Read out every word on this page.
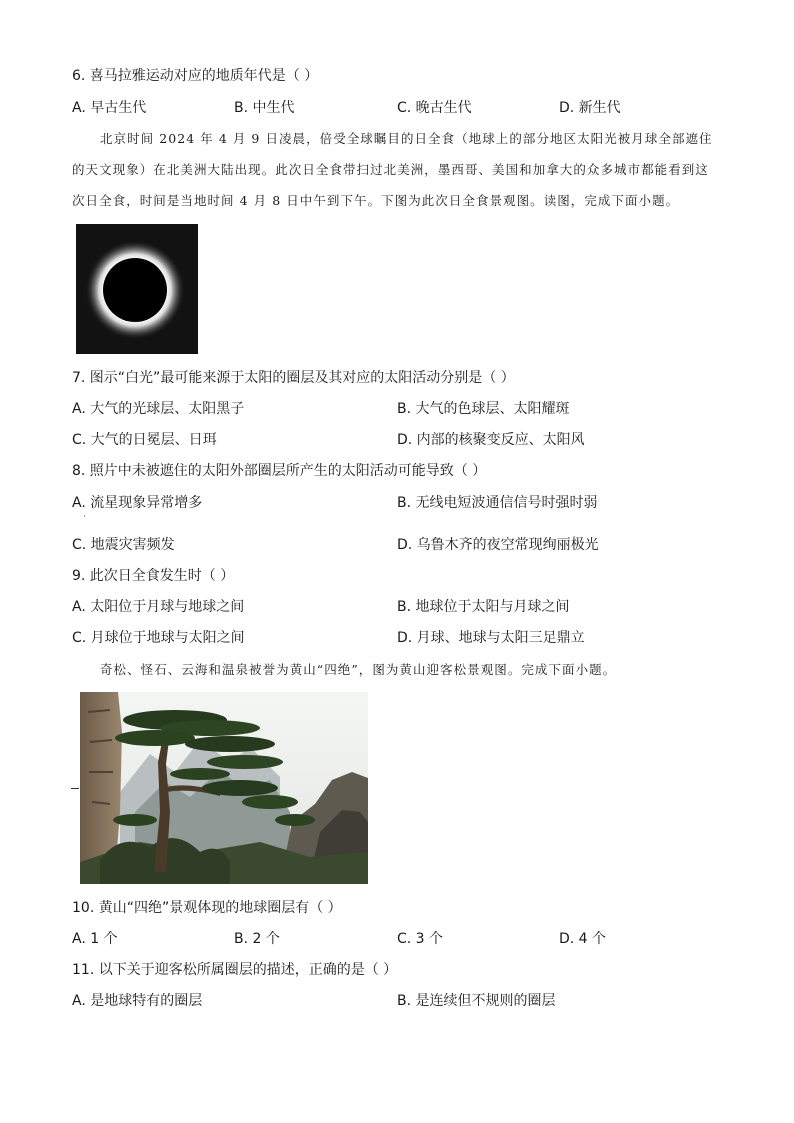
6. 喜马拉雅运动对应的地质年代是（ ）
A. 早古生代	B. 中生代	C. 晚古生代	D. 新生代
北京时间 2024 年 4 月 9 日凌晨，倍受全球瞩目的日全食（地球上的部分地区太阳光被月球全部遮住的天文现象）在北美洲大陆出现。此次日全食带扫过北美洲，墨西哥、美国和加拿大的众多城市都能看到这次日全食，时间是当地时间 4 月 8 日中午到下午。下图为此次日全食景观图。读图，完成下面小题。
7. 图示“白光”最可能来源于太阳的圈层及其对应的太阳活动分别是（ ）
A. 大气的光球层、太阳黑子	B. 大气的色球层、太阳耀斑
C. 大气的日冕层、日珥	D. 内部的核聚变反应、太阳风
8. 照片中未被遮住的太阳外部圈层所产生的太阳活动可能导致（ ）
A. 流星现象异常增多
·
B. 无线电短波通信信号时强时弱
C. 地震灾害频发	D. 乌鲁木齐的夜空常现绚丽极光
9. 此次日全食发生时（ ）
A. 太阳位于月球与地球之间	B. 地球位于太阳与月球之间
C. 月球位于地球与太阳之间	D. 月球、地球与太阳三足鼎立
奇松、怪石、云海和温泉被誉为黄山“四绝”，图为黄山迎客松景观图。完成下面小题。
10. 黄山“四绝”景观体现的地球圈层有（ ）
A. 1 个	B. 2 个	C. 3 个	D. 4 个
11. 以下关于迎客松所属圈层的描述，正确的是（ ）
A. 是地球特有的圈层	B. 是连续但不规则的圈层
